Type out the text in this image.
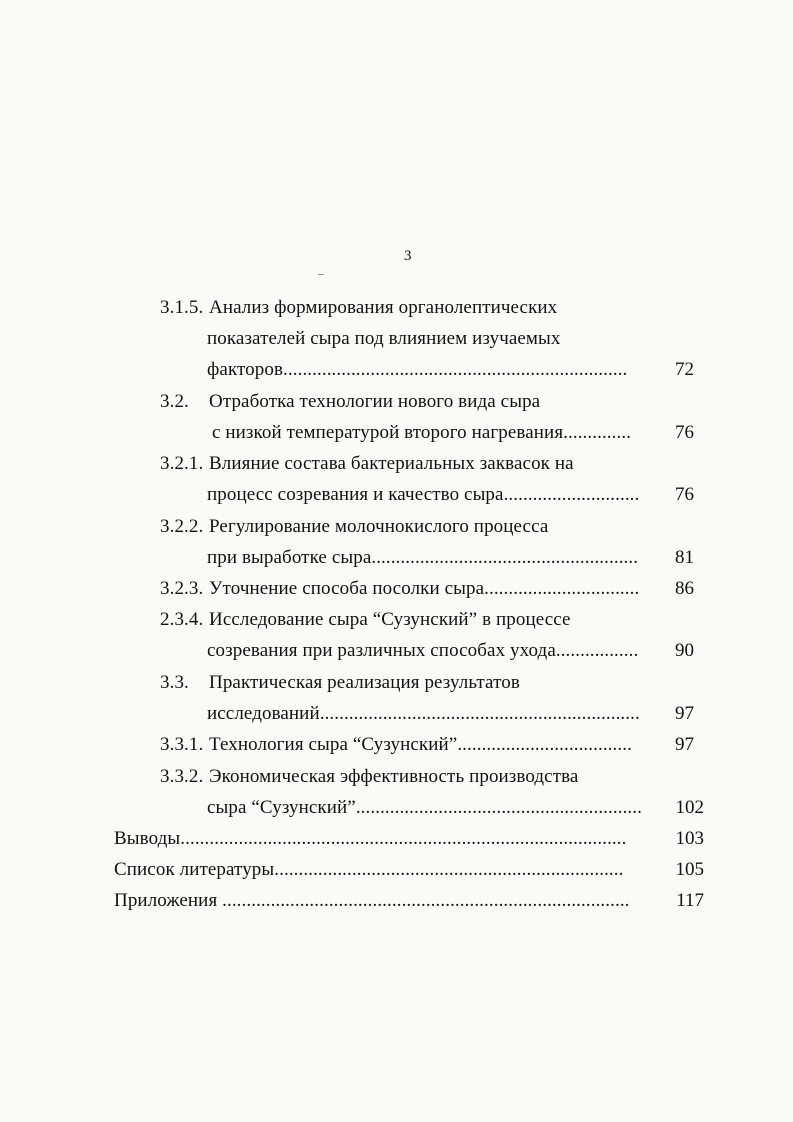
3
3.1.5. Анализ формирования органолептических
показателей сыра под влиянием изучаемых
факторов.......................................................................	72
3.2. Отработка технологии нового вида сыра
с низкой температурой второго нагревания..............	76
3.2.1. Влияние состава бактериальных заквасок на
процесс созревания и качество сыра............................	76
3.2.2. Регулирование молочнокислого процесса
при выработке сыра.......................................................	81
3.2.3. Уточнение способа посолки сыра................................	86
2.3.4. Исследование сыра “Сузунский” в процессе
созревания при различных способах ухода.................	90
3.3. Практическая реализация результатов
исследований..................................................................	97
3.3.1. Технология сыра “Сузунский”....................................	97
3.3.2. Экономическая эффективность производства
сыра “Сузунский”...........................................................	102
Выводы............................................................................................	103
Список литературы........................................................................	105
Приложения ....................................................................................	117
